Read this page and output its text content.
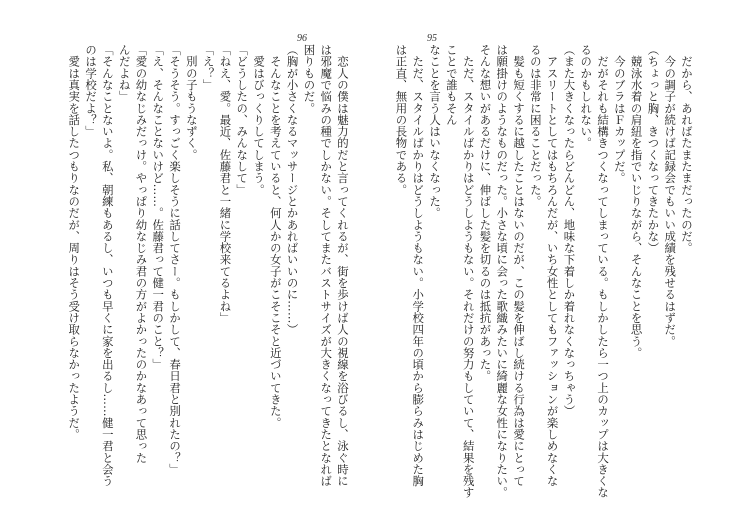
96	95

　だから、あればたまたまだったのだ。

　今の調子が続けば記録会でもいい成績を残せるはずだ。

（ちょっと胸、きつくなってきたかな）

　競泳水着の肩紐を指でいじりながら、そんなことを思う。

　今のブラはＦカップだ。

　だがそれも結構きつくなってしまっている。もしかしたら一つ上のカップは大きくな

るのかもしれない。

（また大きくなったらどんどん、地味な下着しか着れなくなっちゃう）

　アスリートとしてはもちろんだが、いち女性としてもファッションが楽しめなくな

るのは非常に困ることだった。

　髪も短くするに越したことはないのだが、この髪を伸ばし続ける行為は愛にとって

は願掛けのようなものだった。小さな頃に会った歌織みたいに綺麗な女性になりたい。

そんな想いがあるだけに、伸ばした髪を切るのは抵抗があった。

　ただ、スタイルばかりはどうしようもない。それだけの努力もしていて、結果を残すことで誰もそん

なことを言う人はいなくなった。

　ただ、スタイルばかりはどうしようもない。小学校四年の頃から膨らみはじめた胸

は正直、無用の長物である。

　恋人の僕は魅力的だと言ってくれるが、街を歩けば人の視線を浴びるし、泳ぐ時に

は邪魔で悩みの種でしかない。そしてまたバストサイズが大きくなってきたとなれば

困りものだ。

（胸が小さくなるマッサージとかあればいいのに……）

　そんなことを考えていると、何人かの女子がこそこそと近づいてきた。

　愛はびっくりしてしまう。

「どうしたの、みんなして」

「ねえ、愛。最近、佐藤君と一緒に学校来てるよね」

「え？」

　別の子もうなずく。

「そうそう。すっごく楽しそうに話してさー。もしかして、春日君と別れたの？」

「え、そんなことないけど……。佐藤君って健一君のこと？」

「愛の幼なじみだっけ。やっぱり幼なじみ君の方がよかったのかなあって思った

んだよね」

「そんなことないよ。私、朝練もあるし、いつも早くに家を出るし……健一君と会う

のは学校だよ？」

　愛は真実を話したつもりなのだが、周りはそう受け取らなかったようだ。
